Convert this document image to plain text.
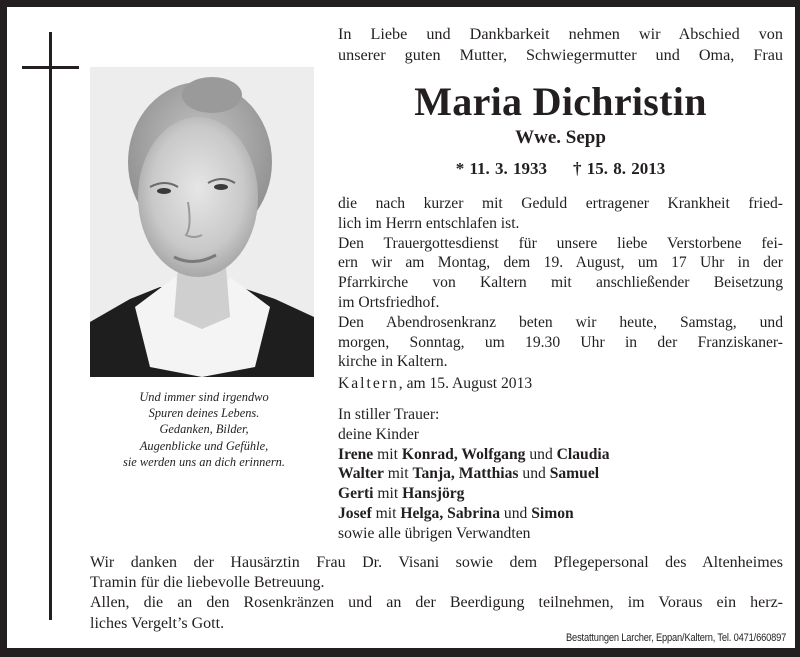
Und immer sind irgendwo
Spuren deines Lebens.
Gedanken, Bilder,
Augenblicke und Gefühle,
sie werden uns an dich erinnern.
In Liebe und Dankbarkeit nehmen wir Abschied von
unserer guten Mutter, Schwiegermutter und Oma, Frau
Maria Dichristin
Wwe. Sepp
* 11. 3. 1933 † 15. 8. 2013
die nach kurzer mit Geduld ertragener Krankheit fried-
lich im Herrn entschlafen ist.
Den Trauergottesdienst für unsere liebe Verstorbene fei-
ern wir am Montag, dem 19. August, um 17 Uhr in der
Pfarrkirche von Kaltern mit anschließender Beisetzung
im Ortsfriedhof.
Den Abendrosenkranz beten wir heute, Samstag, und
morgen, Sonntag, um 19.30 Uhr in der Franziskaner-
kirche in Kaltern.
Kaltern, am 15. August 2013
In stiller Trauer:
deine Kinder
Irene mit Konrad, Wolfgang und Claudia
Walter mit Tanja, Matthias und Samuel
Gerti mit Hansjörg
Josef mit Helga, Sabrina und Simon
sowie alle übrigen Verwandten
Wir danken der Hausärztin Frau Dr. Visani sowie dem Pflegepersonal des Altenheimes
Tramin für die liebevolle Betreuung.
Allen, die an den Rosenkränzen und an der Beerdigung teilnehmen, im Voraus ein herz-
liches Vergelt’s Gott.
Bestattungen Larcher, Eppan/Kaltern, Tel. 0471/660897
